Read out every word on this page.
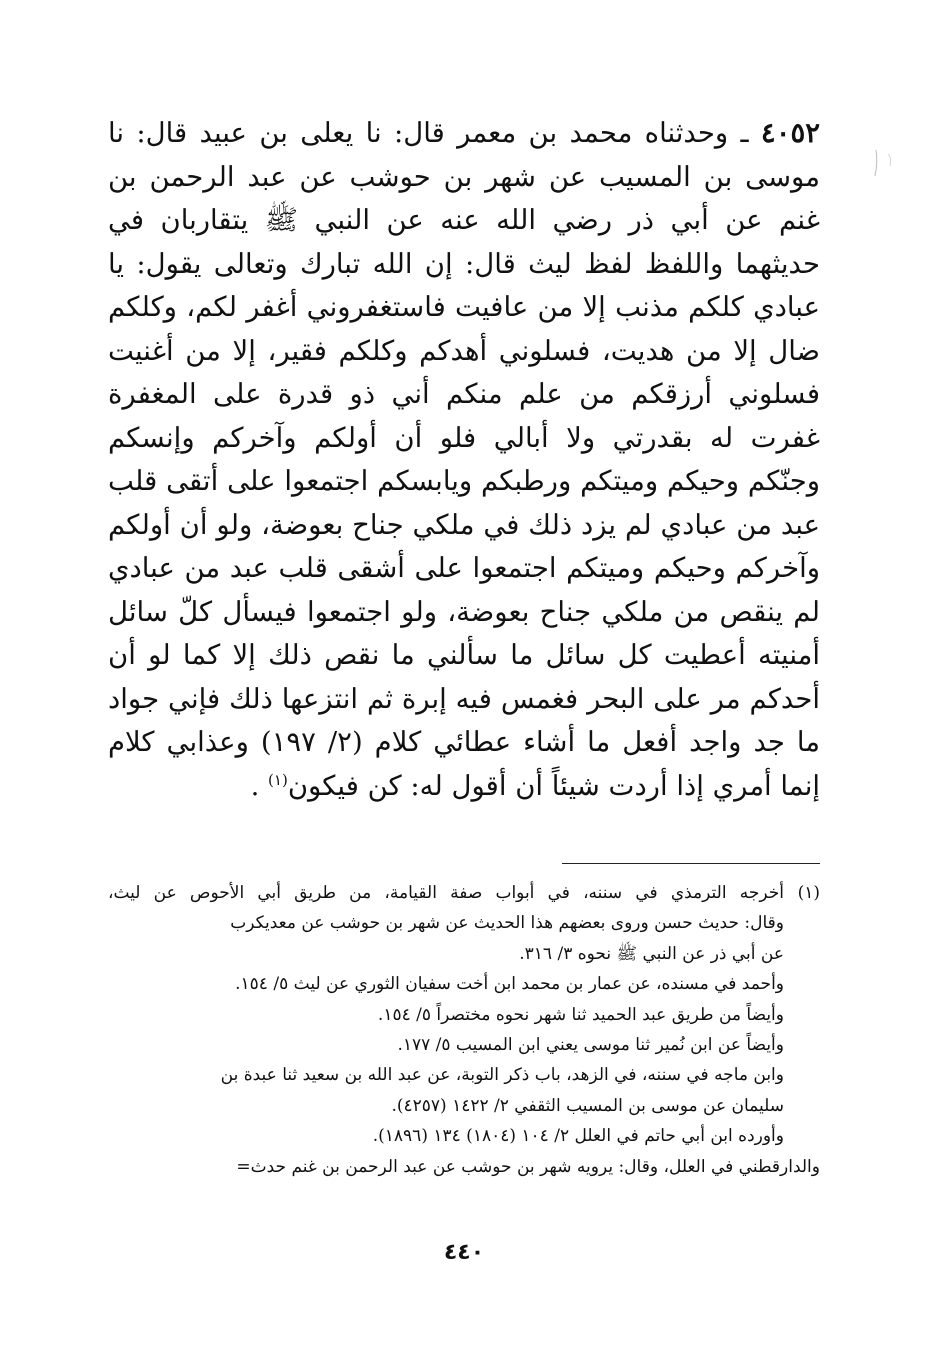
٤٠٥٢ ـ وحدثناه محمد بن معمر قال: نا يعلى بن عبيد قال: نا موسى بن المسيب عن شهر بن حوشب عن عبد الرحمن بن غنم عن أبي ذر رضي الله عنه عن النبي ﷺ يتقاربان في حديثهما واللفظ لفظ ليث قال: إن الله تبارك وتعالى يقول: يا عبادي كلكم مذنب إلا من عافيت فاستغفروني أغفر لكم، وكلكم ضال إلا من هديت، فسلوني أهدكم وكلكم فقير، إلا من أغنيت فسلوني أرزقكم من علم منكم أني ذو قدرة على المغفرة غفرت له بقدرتي ولا أبالي فلو أن أولكم وآخركم وإنسكم وجنّكم وحيكم وميتكم ورطبكم ويابسكم اجتمعوا على أتقى قلب عبد من عبادي لم يزد ذلك في ملكي جناح بعوضة، ولو أن أولكم وآخركم وحيكم وميتكم اجتمعوا على أشقى قلب عبد من عبادي لم ينقص من ملكي جناح بعوضة، ولو اجتمعوا فيسأل كلّ سائل أمنيته أعطيت كل سائل ما سألني ما نقص ذلك إلا كما لو أن أحدكم مر على البحر فغمس فيه إبرة ثم انتزعها ذلك فإني جواد ما جد واجد أفعل ما أشاء عطائي كلام (٢/ ١٩٧) وعذابي كلام إنما أمري إذا أردت شيئاً أن أقول له: كن فيكون$^{(١)}$ .

(١)أخرجه الترمذي في سننه، في أبواب صفة القيامة، من طريق أبي الأحوص عن ليث،
وقال: حديث حسن وروى بعضهم هذا الحديث عن شهر بن حوشب عن معديكرب
عن أبي ذر عن النبي ﷺ نحوه ٣/ ٣١٦.
وأحمد في مسنده، عن عمار بن محمد ابن أخت سفيان الثوري عن ليث ٥/ ١٥٤.
وأيضاً من طريق عبد الحميد ثنا شهر نحوه مختصراً ٥/ ١٥٤.
وأيضاً عن ابن نُمير ثنا موسى يعني ابن المسيب ٥/ ١٧٧.
وابن ماجه في سننه، في الزهد، باب ذكر التوبة، عن عبد الله بن سعيد ثنا عبدة بن
سليمان عن موسى بن المسيب الثقفي ٢/ ١٤٢٢ (٤٢٥٧).
وأورده ابن أبي حاتم في العلل ٢/ ١٠٤ (١٨٠٤) ١٣٤ (١٨٩٦).
والدارقطني في العلل، وقال: يرويه شهر بن حوشب عن عبد الرحمن بن غنم حدث=
٤٤٠
